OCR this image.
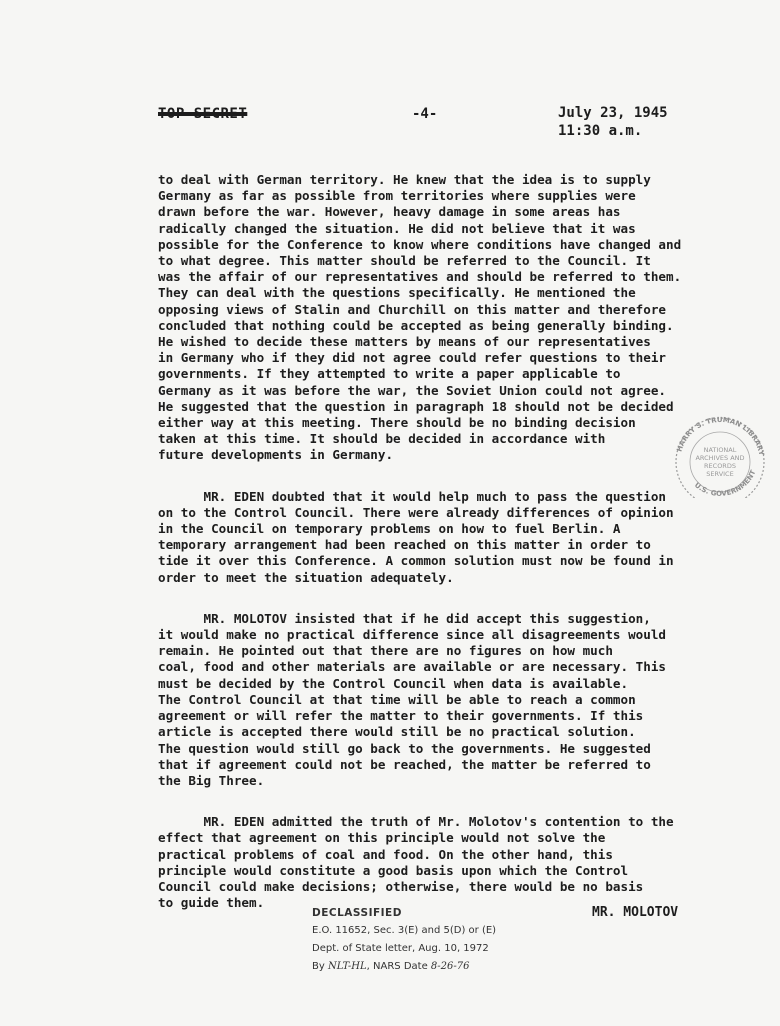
TOP SECRET	-4-	July 23, 1945
11:30 a.m.

to deal with German territory. He knew that the idea is to supply
Germany as far as possible from territories where supplies were
drawn before the war. However, heavy damage in some areas has
radically changed the situation. He did not believe that it was
possible for the Conference to know where conditions have changed and
to what degree. This matter should be referred to the Council. It
was the affair of our representatives and should be referred to them.
They can deal with the questions specifically. He mentioned the
opposing views of Stalin and Churchill on this matter and therefore
concluded that nothing could be accepted as being generally binding.
He wished to decide these matters by means of our representatives
in Germany who if they did not agree could refer questions to their
governments. If they attempted to write a paper applicable to
Germany as it was before the war, the Soviet Union could not agree.
He suggested that the question in paragraph 18 should not be decided
either way at this meeting. There should be no binding decision
taken at this time. It should be decided in accordance with
future developments in Germany.

MR. EDEN doubted that it would help much to pass the question
on to the Control Council. There were already differences of opinion
in the Council on temporary problems on how to fuel Berlin. A
temporary arrangement had been reached on this matter in order to
tide it over this Conference. A common solution must now be found in
order to meet the situation adequately.

MR. MOLOTOV insisted that if he did accept this suggestion,
it would make no practical difference since all disagreements would
remain. He pointed out that there are no figures on how much
coal, food and other materials are available or are necessary. This
must be decided by the Control Council when data is available.
The Control Council at that time will be able to reach a common
agreement or will refer the matter to their governments. If this
article is accepted there would still be no practical solution.
The question would still go back to the governments. He suggested
that if agreement could not be reached, the matter be referred to
the Big Three.

MR. EDEN admitted the truth of Mr. Molotov's contention to the
effect that agreement on this principle would not solve the
practical problems of coal and food. On the other hand, this
principle would constitute a good basis upon which the Control
Council could make decisions; otherwise, there would be no basis
to guide them.

HARRY S. TRUMAN LIBRARY
U.S. GOVERNMENT
NATIONAL
ARCHIVES AND
RECORDS
SERVICE
DECLASSIFIED
E.O. 11652, Sec. 3(E) and 5(D) or (E)
Dept. of State letter, Aug. 10, 1972
By NLT-HL, NARS Date 8-26-76
MR. MOLOTOV
